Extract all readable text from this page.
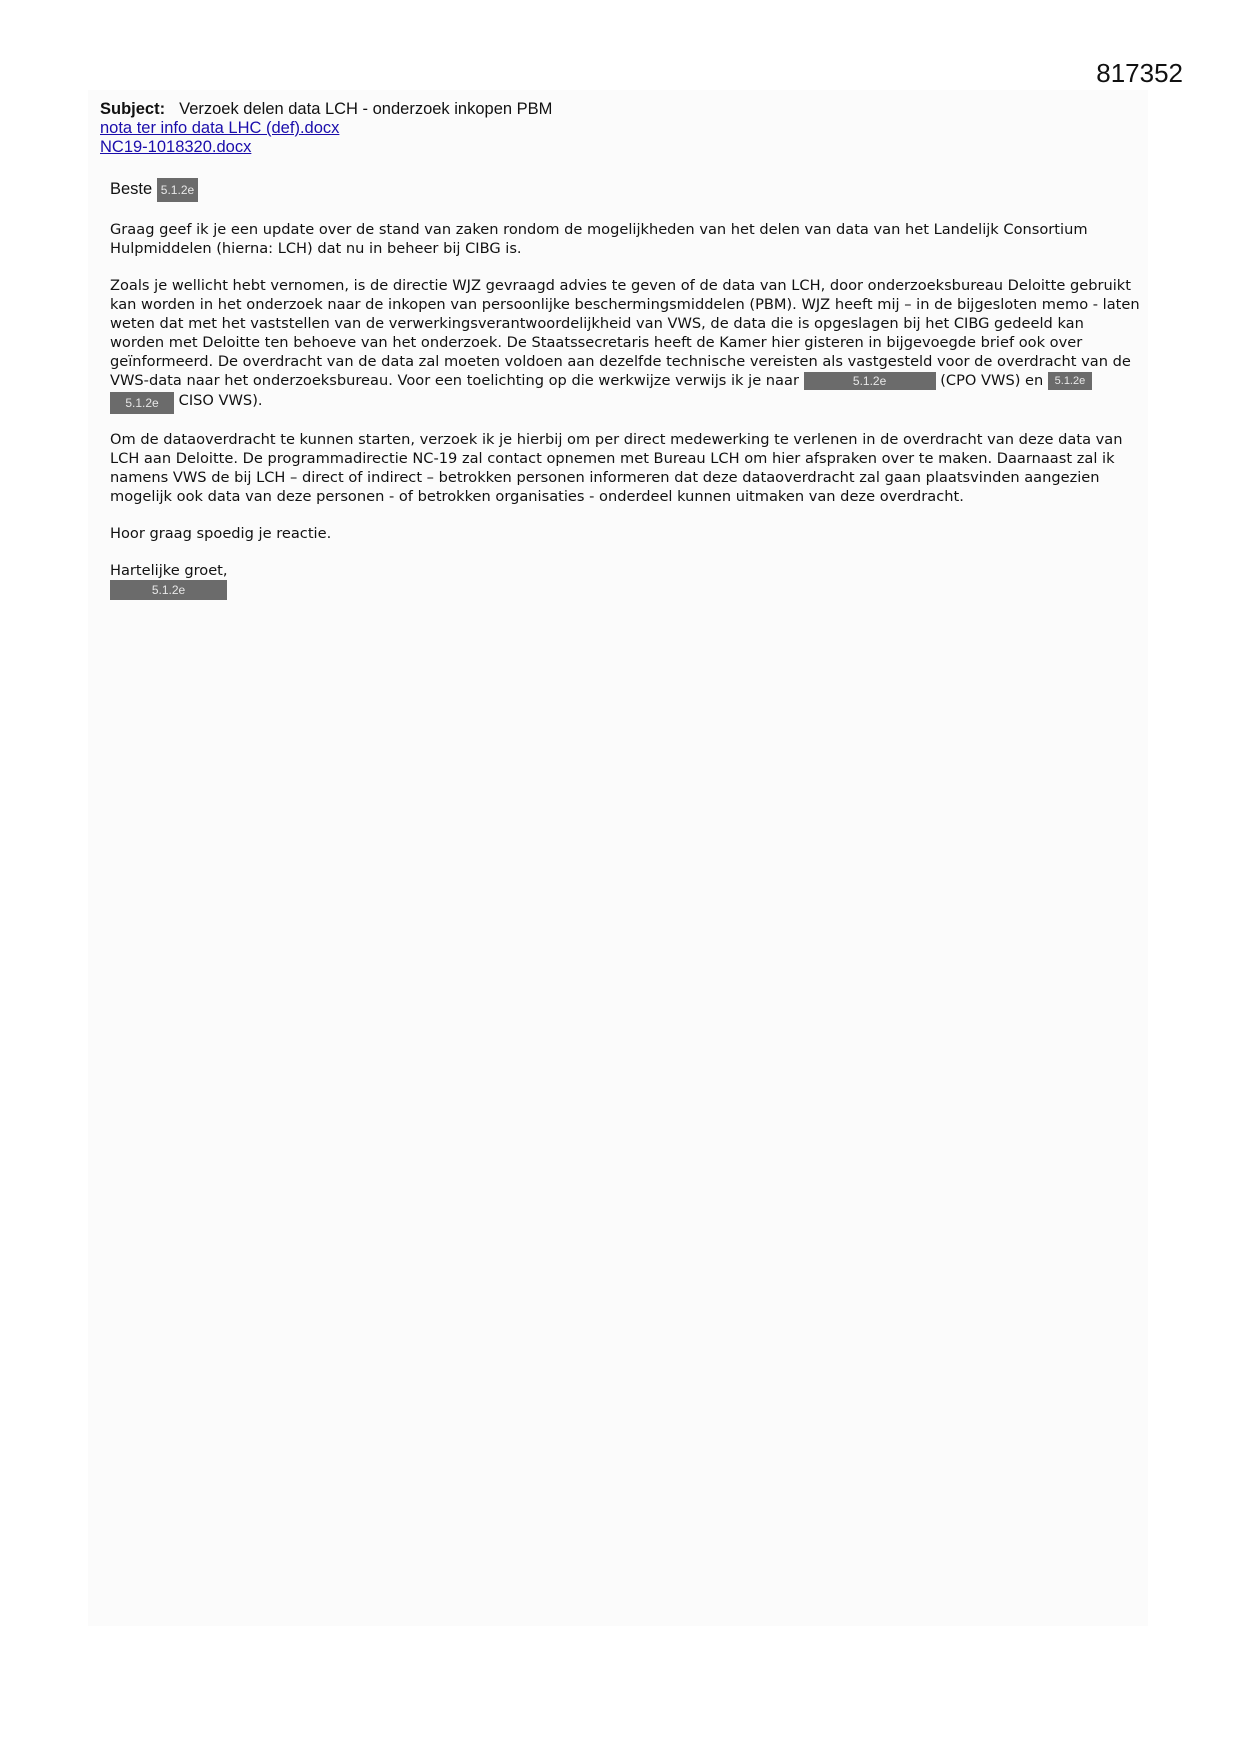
817352
Subject: Verzoek delen data LCH - onderzoek inkopen PBM
nota ter info data LHC (def).docx
NC19-1018320.docx
Beste 5.1.2e

Graag geef ik je een update over de stand van zaken rondom de mogelijkheden van het delen van data van het Landelijk Consortium Hulpmiddelen (hierna: LCH) dat nu in beheer bij CIBG is.

Zoals je wellicht hebt vernomen, is de directie WJZ gevraagd advies te geven of de data van LCH, door onderzoeksbureau Deloitte gebruikt kan worden in het onderzoek naar de inkopen van persoonlijke beschermingsmiddelen (PBM). WJZ heeft mij – in de bijgesloten memo - laten weten dat met het vaststellen van de verwerkingsverantwoordelijkheid van VWS, de data die is opgeslagen bij het CIBG gedeeld kan worden met Deloitte ten behoeve van het onderzoek. De Staatssecretaris heeft de Kamer hier gisteren in bijgevoegde brief ook over geïnformeerd. De overdracht van de data zal moeten voldoen aan dezelfde technische vereisten als vastgesteld voor de overdracht van de VWS-data naar het onderzoeksbureau. Voor een toelichting op die werkwijze verwijs ik je naar	5.1.2e	(CPO VWS) en 5.1.2e5.1.2e CISO VWS).

Om de dataoverdracht te kunnen starten, verzoek ik je hierbij om per direct medewerking te verlenen in de overdracht van deze data van LCH aan Deloitte. De programmadirectie NC-19 zal contact opnemen met Bureau LCH om hier afspraken over te maken. Daarnaast zal ik namens VWS de bij LCH – direct of indirect – betrokken personen informeren dat deze dataoverdracht zal gaan plaatsvinden aangezien mogelijk ook data van deze personen - of betrokken organisaties - onderdeel kunnen uitmaken van deze overdracht.

Hoor graag spoedig je reactie.

Hartelijke groet,
5.1.2e
